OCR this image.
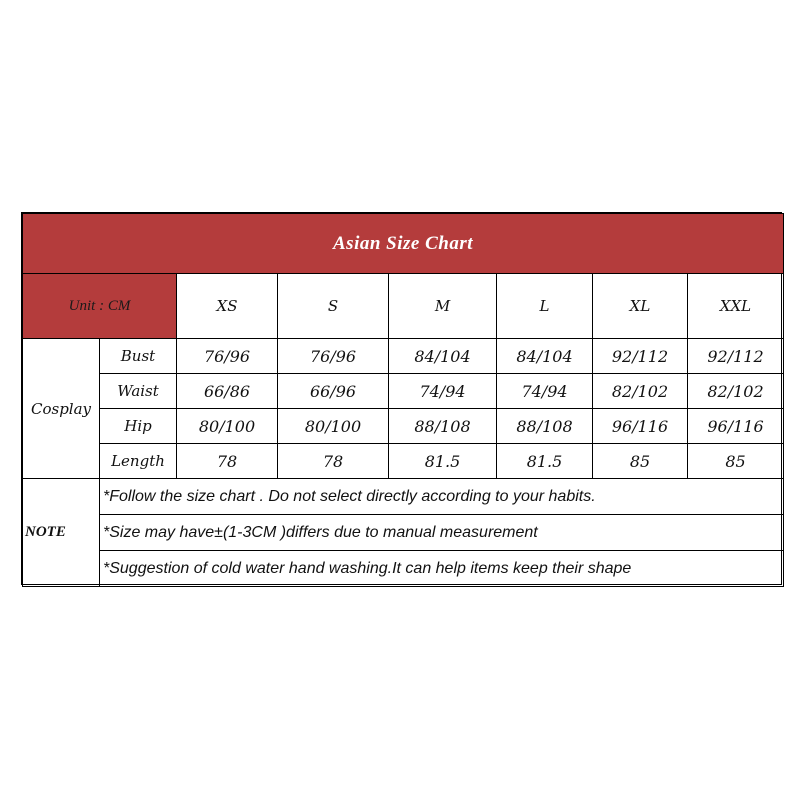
Asian Size Chart							
Unit : CM		XS	S	M	L	XL	XXL
Cosplay	Bust	76/96	76/96	84/104	84/104	92/112	92/112
	Waist	66/86	66/96	74/94	74/94	82/102	82/102
	Hip	80/100	80/100	88/108	88/108	96/116	96/116
	Length	78	78	81.5	81.5	85	85
NOTE	*Follow the size chart . Do not select directly according to your habits.						
	*Size may have±(1-3CM )differs due to manual measurement						
	*Suggestion of cold water hand washing.It can help items keep their shape						
